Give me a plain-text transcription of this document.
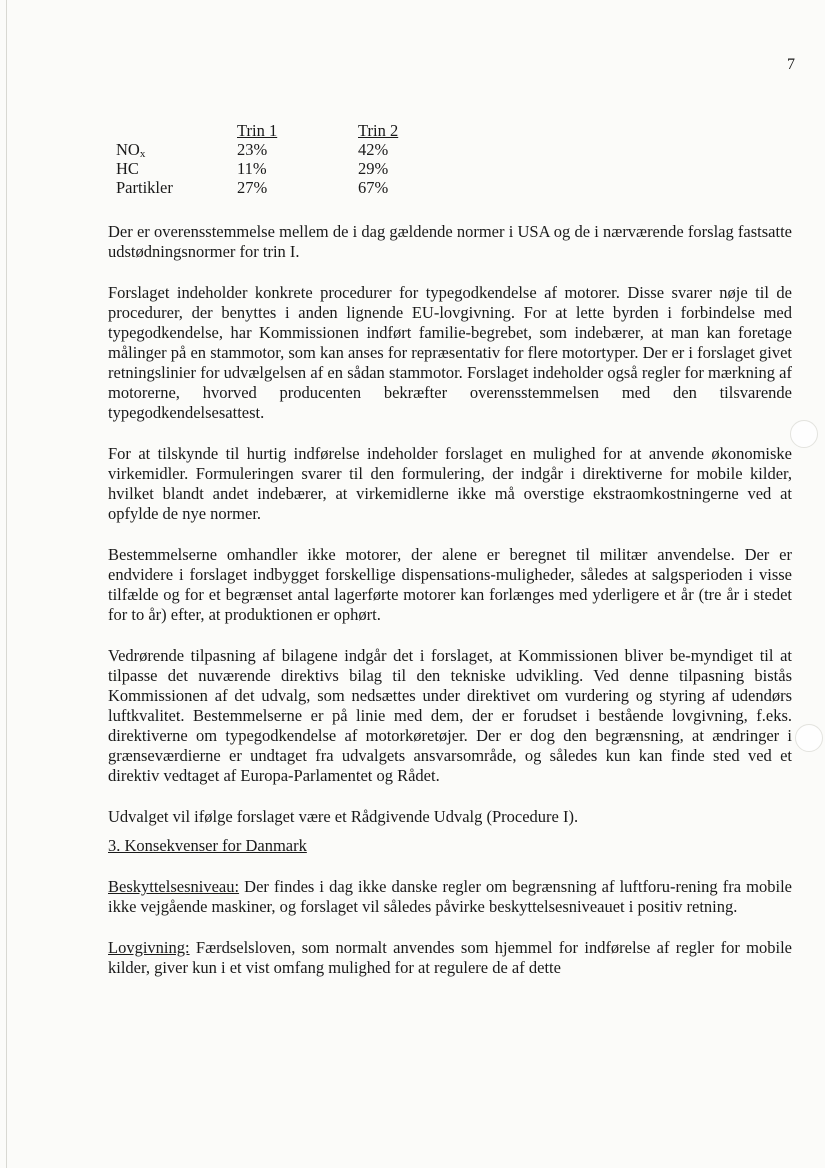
7
	Trin 1	Trin 2
$NO_x$	23%	42%
HC	11%	29%
Partikler	27%	67%

Der er overensstemmelse mellem de i dag gældende normer i USA og de i nærværende forslag fastsatte udstødningsnormer for trin I.

Forslaget indeholder konkrete procedurer for typegodkendelse af motorer. Disse svarer nøje til de procedurer, der benyttes i anden lignende EU-lovgivning. For at lette byrden i forbindelse med typegodkendelse, har Kommissionen indført familie-begrebet, som indebærer, at man kan foretage målinger på en stammotor, som kan anses for repræsentativ for flere motortyper. Der er i forslaget givet retningslinier for udvælgelsen af en sådan stammotor. Forslaget indeholder også regler for mærkning af motorerne, hvorved producenten bekræfter overensstemmelsen med den tilsvarende typegodkendelsesattest.

For at tilskynde til hurtig indførelse indeholder forslaget en mulighed for at anvende økonomiske virkemidler. Formuleringen svarer til den formulering, der indgår i direktiverne for mobile kilder, hvilket blandt andet indebærer, at virkemidlerne ikke må overstige ekstraomkostningerne ved at opfylde de nye normer.

Bestemmelserne omhandler ikke motorer, der alene er beregnet til militær anvendelse. Der er endvidere i forslaget indbygget forskellige dispensations-muligheder, således at salgsperioden i visse tilfælde og for et begrænset antal lagerførte motorer kan forlænges med yderligere et år (tre år i stedet for to år) efter, at produktionen er ophørt.

Vedrørende tilpasning af bilagene indgår det i forslaget, at Kommissionen bliver be-myndiget til at tilpasse det nuværende direktivs bilag til den tekniske udvikling. Ved denne tilpasning bistås Kommissionen af det udvalg, som nedsættes under direktivet om vurdering og styring af udendørs luftkvalitet. Bestemmelserne er på linie med dem, der er forudset i bestående lovgivning, f.eks. direktiverne om typegodkendelse af motorkøretøjer. Der er dog den begrænsning, at ændringer i grænseværdierne er undtaget fra udvalgets ansvarsområde, og således kun kan finde sted ved et direktiv vedtaget af Europa-Parlamentet og Rådet.

Udvalget vil ifølge forslaget være et Rådgivende Udvalg (Procedure I).

3. Konsekvenser for Danmark

Beskyttelsesniveau: Der findes i dag ikke danske regler om begrænsning af luftforu-rening fra mobile ikke vejgående maskiner, og forslaget vil således påvirke beskyttelsesniveauet i positiv retning.

Lovgivning: Færdselsloven, som normalt anvendes som hjemmel for indførelse af regler for mobile kilder, giver kun i et vist omfang mulighed for at regulere de af dette
